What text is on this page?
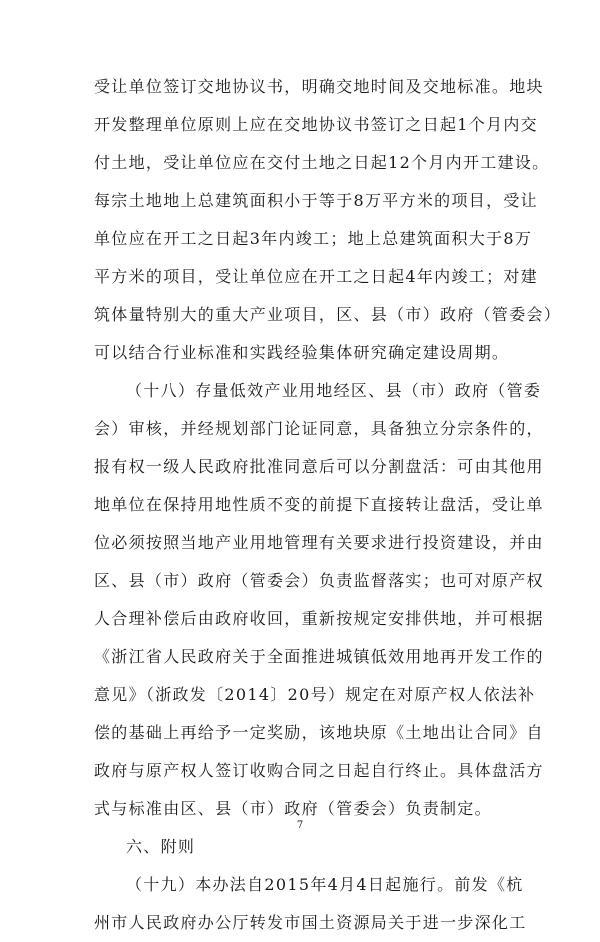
受让单位签订交地协议书，明确交地时间及交地标准。地块
开发整理单位原则上应在交地协议书签订之日起1个月内交
付土地，受让单位应在交付土地之日起12个月内开工建设。
每宗土地地上总建筑面积小于等于8万平方米的项目，受让
单位应在开工之日起3年内竣工；地上总建筑面积大于8万
平方米的项目，受让单位应在开工之日起4年内竣工；对建
筑体量特别大的重大产业项目，区、县（市）政府（管委会）
可以结合行业标准和实践经验集体研究确定建设周期。
（十八）存量低效产业用地经区、县（市）政府（管委
会）审核，并经规划部门论证同意，具备独立分宗条件的，
报有权一级人民政府批准同意后可以分割盘活：可由其他用
地单位在保持用地性质不变的前提下直接转让盘活，受让单
位必须按照当地产业用地管理有关要求进行投资建设，并由
区、县（市）政府（管委会）负责监督落实；也可对原产权
人合理补偿后由政府收回，重新按规定安排供地，并可根据
《浙江省人民政府关于全面推进城镇低效用地再开发工作的
意见》（浙政发〔2014〕20号）规定在对原产权人依法补
偿的基础上再给予一定奖励，该地块原《土地出让合同》自
政府与原产权人签订收购合同之日起自行终止。具体盘活方
式与标准由区、县（市）政府（管委会）负责制定。
六、附则
（十九）本办法自2015年4月4日起施行。前发《杭
州市人民政府办公厅转发市国土资源局关于进一步深化工
7
